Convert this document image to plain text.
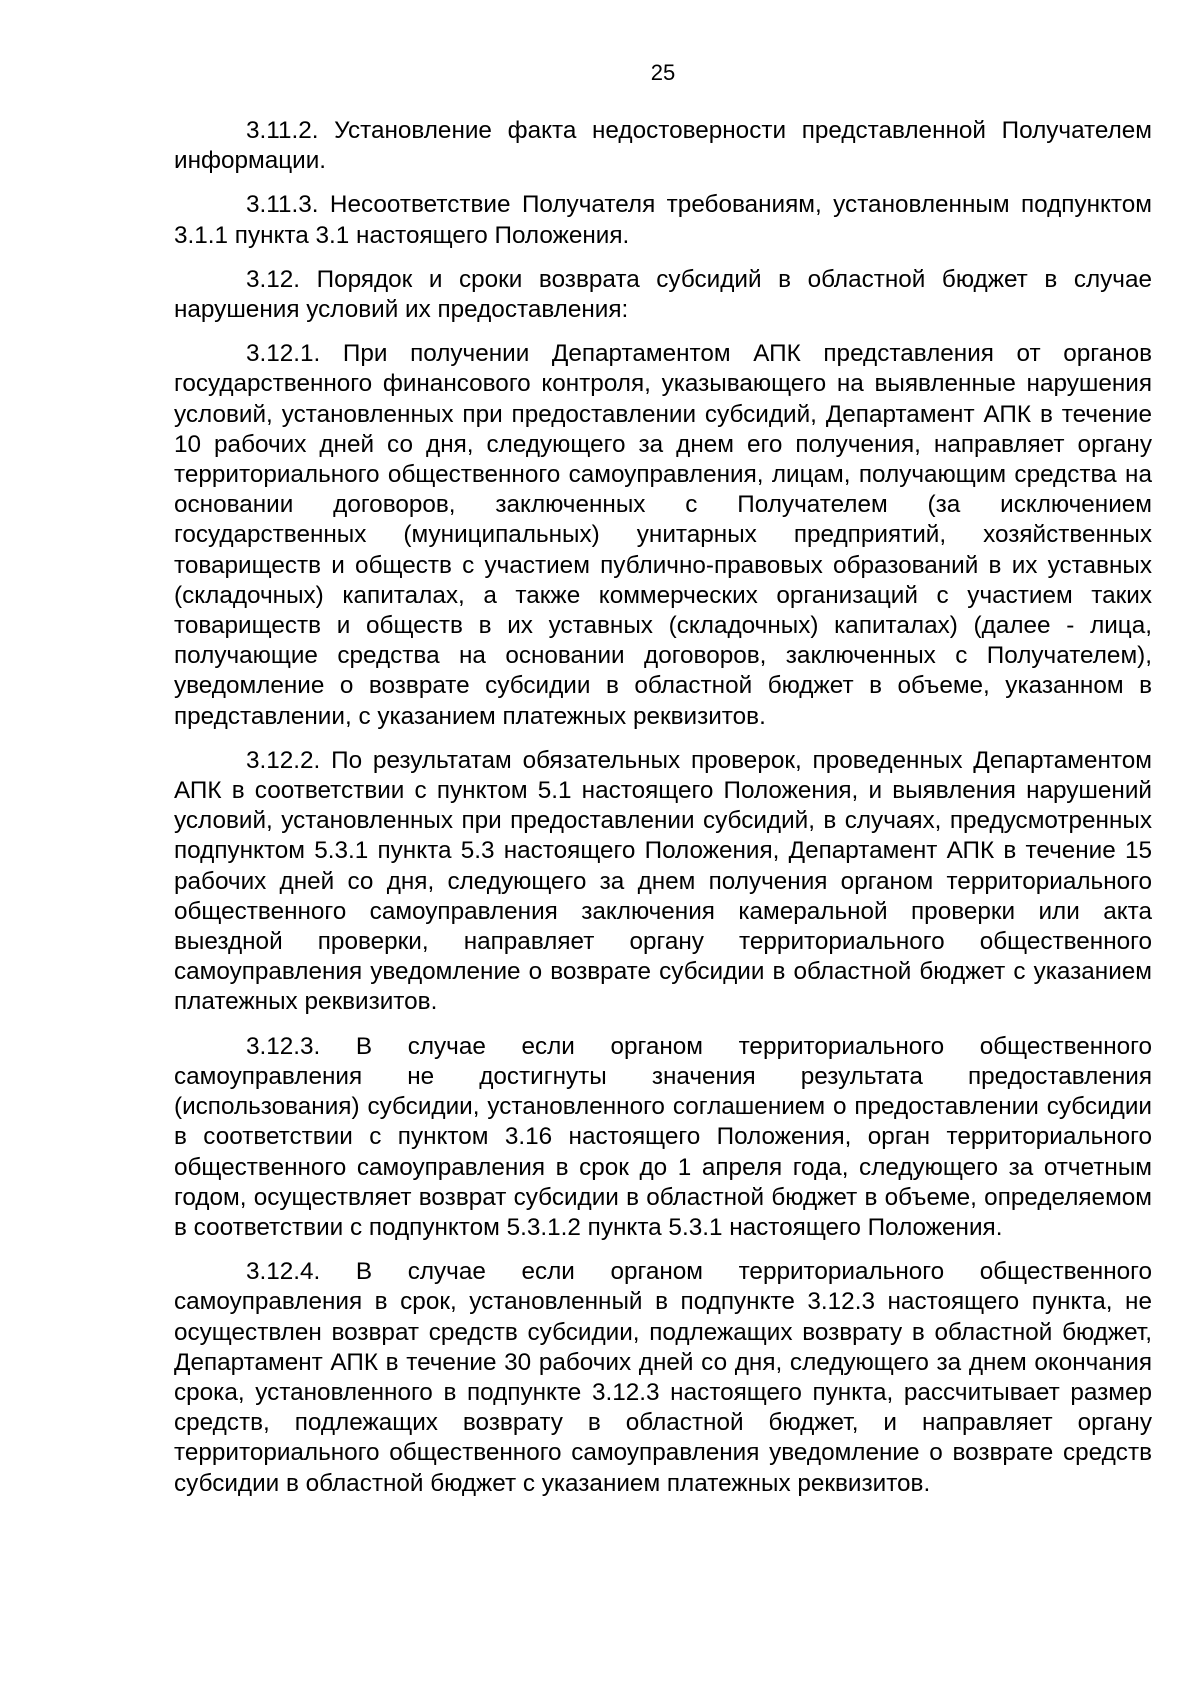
25

3.11.2. Установление факта недостоверности представленной Получателем информации.

3.11.3. Несоответствие Получателя требованиям, установленным подпунктом 3.1.1 пункта 3.1 настоящего Положения.

3.12. Порядок и сроки возврата субсидий в областной бюджет в случае нарушения условий их предоставления:

3.12.1. При получении Департаментом АПК представления от органов государственного финансового контроля, указывающего на выявленные нарушения условий, установленных при предоставлении субсидий, Департамент АПК в течение 10 рабочих дней со дня, следующего за днем его получения, направляет органу территориального общественного самоуправления, лицам, получающим средства на основании договоров, заключенных с Получателем (за исключением государственных (муниципальных) унитарных предприятий, хозяйственных товариществ и обществ с участием публично-правовых образований в их уставных (складочных) капиталах, а также коммерческих организаций с участием таких товариществ и обществ в их уставных (складочных) капиталах) (далее - лица, получающие средства на основании договоров, заключенных с Получателем), уведомление о возврате субсидии в областной бюджет в объеме, указанном в представлении, с указанием платежных реквизитов.

3.12.2. По результатам обязательных проверок, проведенных Департаментом АПК в соответствии с пунктом 5.1 настоящего Положения, и выявления нарушений условий, установленных при предоставлении субсидий, в случаях, предусмотренных подпунктом 5.3.1 пункта 5.3 настоящего Положения, Департамент АПК в течение 15 рабочих дней со дня, следующего за днем получения органом территориального общественного самоуправления заключения камеральной проверки или акта выездной проверки, направляет органу территориального общественного самоуправления уведомление о возврате субсидии в областной бюджет с указанием платежных реквизитов.

3.12.3. В случае если органом территориального общественного самоуправления не достигнуты значения результата предоставления (использования) субсидии, установленного соглашением о предоставлении субсидии в соответствии с пунктом 3.16 настоящего Положения, орган территориального общественного самоуправления в срок до 1 апреля года, следующего за отчетным годом, осуществляет возврат субсидии в областной бюджет в объеме, определяемом в соответствии с подпунктом 5.3.1.2 пункта 5.3.1 настоящего Положения.

3.12.4. В случае если органом территориального общественного самоуправления в срок, установленный в подпункте 3.12.3 настоящего пункта, не осуществлен возврат средств субсидии, подлежащих возврату в областной бюджет, Департамент АПК в течение 30 рабочих дней со дня, следующего за днем окончания срока, установленного в подпункте 3.12.3 настоящего пункта, рассчитывает размер средств, подлежащих возврату в областной бюджет, и направляет органу территориального общественного самоуправления уведомление о возврате средств субсидии в областной бюджет с указанием платежных реквизитов.
